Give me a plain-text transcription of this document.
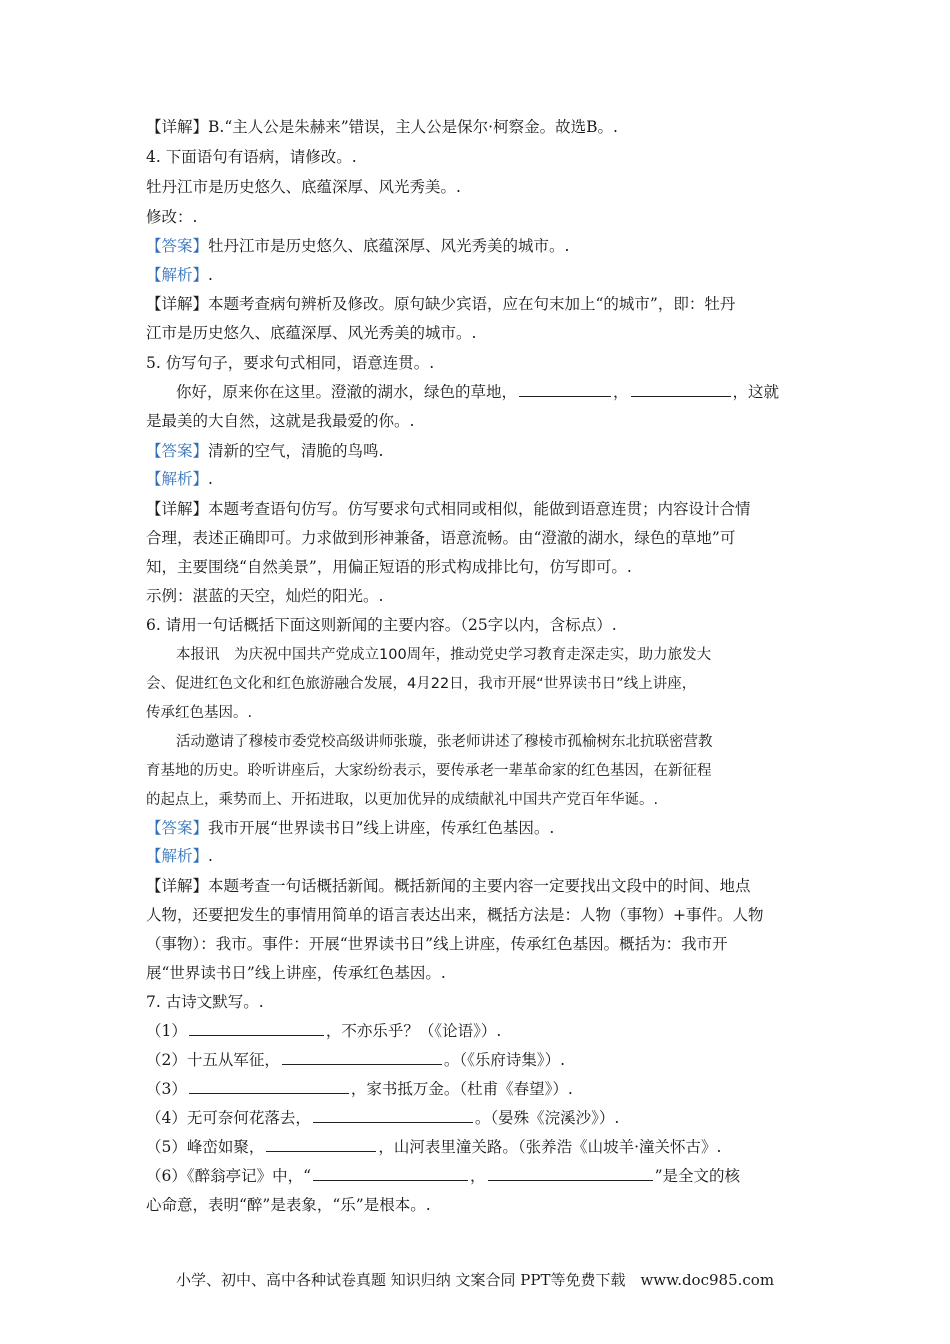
【详解】B.“主人公是朱赫来”错误，主人公是保尔·柯察金。故选B。.
4. 下面语句有语病，请修改。.
牡丹江市是历史悠久、底蕴深厚、风光秀美。.
修改：.
【答案】牡丹江市是历史悠久、底蕴深厚、风光秀美的城市。.
【解析】.
【详解】本题考查病句辨析及修改。原句缺少宾语，应在句末加上“的城市”，即：牡丹
江市是历史悠久、底蕴深厚、风光秀美的城市。.
5. 仿写句子，要求句式相同，语意连贯。.
你好，原来你在这里。澄澈的湖水，绿色的草地，	，	，这就
是最美的大自然，这就是我最爱的你。.
【答案】清新的空气，清脆的鸟鸣.
【解析】.
【详解】本题考查语句仿写。仿写要求句式相同或相似，能做到语意连贯；内容设计合情
合理，表述正确即可。力求做到形神兼备，语意流畅。由“澄澈的湖水，绿色的草地”可
知，主要围绕“自然美景”，用偏正短语的形式构成排比句，仿写即可。.
示例：湛蓝的天空，灿烂的阳光。.
6. 请用一句话概括下面这则新闻的主要内容。（25字以内，含标点）.
本报讯　为庆祝中国共产党成立100周年，推动党史学习教育走深走实，助力旅发大
会、促进红色文化和红色旅游融合发展，4月22日，我市开展“世界读书日”线上讲座，
传承红色基因。.
活动邀请了穆棱市委党校高级讲师张璇，张老师讲述了穆棱市孤榆树东北抗联密营教
育基地的历史。聆听讲座后，大家纷纷表示，要传承老一辈革命家的红色基因，在新征程
的起点上，乘势而上、开拓进取，以更加优异的成绩献礼中国共产党百年华诞。.
【答案】我市开展“世界读书日”线上讲座，传承红色基因。.
【解析】.
【详解】本题考查一句话概括新闻。概括新闻的主要内容一定要找出文段中的时间、地点
人物，还要把发生的事情用简单的语言表达出来，概括方法是：人物（事物）+事件。人物
（事物）：我市。事件：开展“世界读书日”线上讲座，传承红色基因。概括为：我市开
展“世界读书日”线上讲座，传承红色基因。.
7. 古诗文默写。.
（1）	，不亦乐乎？（《论语》）.
（2）十五从军征，	。（《乐府诗集》）.
（3）	，家书抵万金。（杜甫《春望》）.
（4）无可奈何花落去，	。（晏殊《浣溪沙》）.
（5）峰峦如聚，	，山河表里潼关路。（张养浩《山坡羊·潼关怀古》.
（6）《醉翁亭记》中，“	，	”是全文的核
心命意，表明“醉”是表象，“乐”是根本。.
小学、初中、高中各种试卷真题 知识归纳 文案合同 PPT等免费下载　www.doc985.com
